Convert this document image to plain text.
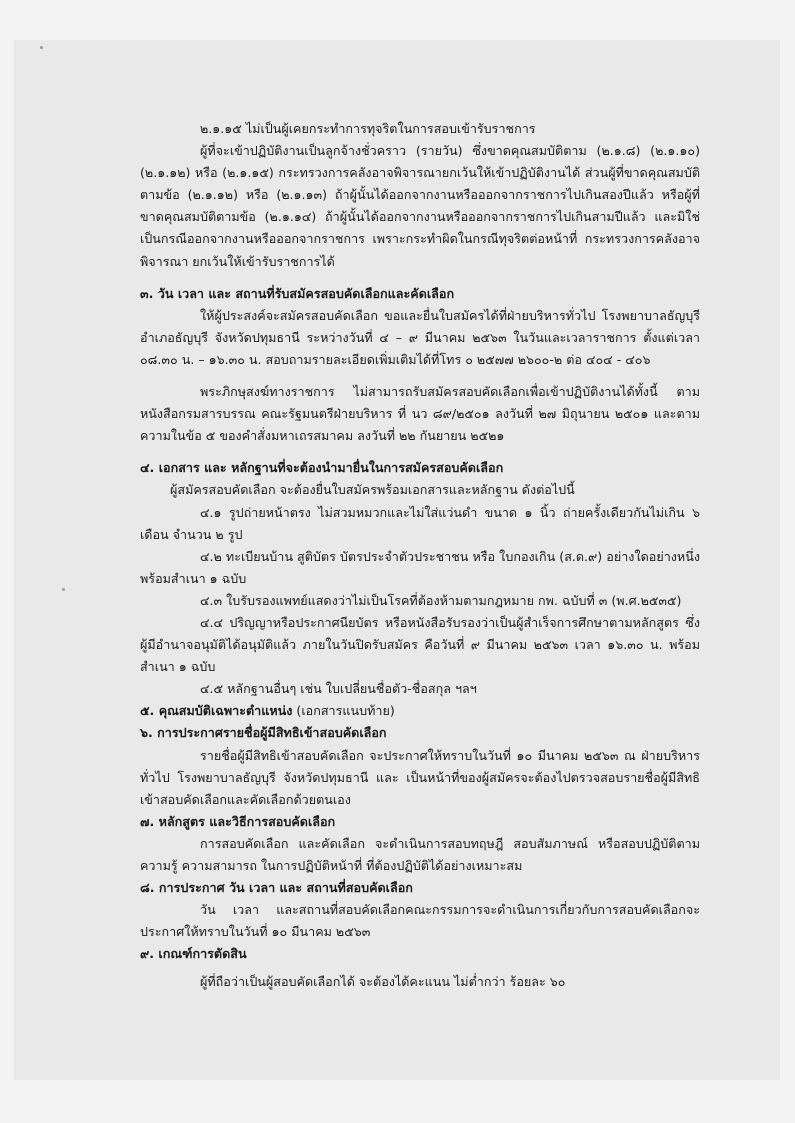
๒.๑.๑๕ ไม่เป็นผู้เคยกระทำการทุจริตในการสอบเข้ารับราชการ

ผู้ที่จะเข้าปฏิบัติงานเป็นลูกจ้างชั่วคราว (รายวัน) ซึ่งขาดคุณสมบัติตาม (๒.๑.๘) (๒.๑.๑๐) (๒.๑.๑๒) หรือ (๒.๑.๑๕) กระทรวงการคลังอาจพิจารณายกเว้นให้เข้าปฏิบัติงานได้ ส่วนผู้ที่ขาดคุณสมบัติตามข้อ (๒.๑.๑๒) หรือ (๒.๑.๑๓) ถ้าผู้นั้นได้ออกจากงานหรือออกจากราชการไปเกินสองปีแล้ว หรือผู้ที่ขาดคุณสมบัติตามข้อ (๒.๑.๑๔) ถ้าผู้นั้นได้ออกจากงานหรือออกจากราชการไปเกินสามปีแล้ว และมิใช่เป็นกรณีออกจากงานหรือออกจากราชการ เพราะกระทำผิดในกรณีทุจริตต่อหน้าที่ กระทรวงการคลังอาจพิจารณา ยกเว้นให้เข้ารับราชการได้

๓. วัน เวลา และ สถานที่รับสมัครสอบคัดเลือกและคัดเลือก

ให้ผู้ประสงค์จะสมัครสอบคัดเลือก ขอและยื่นใบสมัครได้ที่ฝ่ายบริหารทั่วไป โรงพยาบาลธัญบุรี อำเภอธัญบุรี จังหวัดปทุมธานี ระหว่างวันที่ ๔ – ๙ มีนาคม ๒๕๖๓ ในวันและเวลาราชการ ตั้งแต่เวลา ๐๘.๓๐ น. – ๑๖.๓๐ น. สอบถามรายละเอียดเพิ่มเติมได้ที่โทร ๐ ๒๕๗๗ ๒๖๐๐-๒ ต่อ ๔๐๔ - ๔๐๖

พระภิกษุสงฆ์ทางราชการ ไม่สามารถรับสมัครสอบคัดเลือกเพื่อเข้าปฏิบัติงานได้ทั้งนี้ ตามหนังสือกรมสารบรรณ คณะรัฐมนตรีฝ่ายบริหาร ที่ นว ๘๙/๒๕๐๑ ลงวันที่ ๒๗ มิถุนายน ๒๕๐๑ และตามความในข้อ ๕ ของคำสั่งมหาเถรสมาคม ลงวันที่ ๒๒ กันยายน ๒๕๒๑

๔. เอกสาร และ หลักฐานที่จะต้องนำมายื่นในการสมัครสอบคัดเลือก

ผู้สมัครสอบคัดเลือก จะต้องยื่นใบสมัครพร้อมเอกสารและหลักฐาน ดังต่อไปนี้

๔.๑ รูปถ่ายหน้าตรง ไม่สวมหมวกและไม่ใส่แว่นดำ ขนาด ๑ นิ้ว ถ่ายครั้งเดียวกันไม่เกิน ๖ เดือน จำนวน ๒ รูป

๔.๒ ทะเบียนบ้าน สูติบัตร บัตรประจำตัวประชาชน หรือ ใบกองเกิน (ส.ด.๙) อย่างใดอย่างหนึ่ง พร้อมสำเนา ๑ ฉบับ

๔.๓ ใบรับรองแพทย์แสดงว่าไม่เป็นโรคที่ต้องห้ามตามกฎหมาย กพ. ฉบับที่ ๓ (พ.ศ.๒๕๓๕)

๔.๔ ปริญญาหรือประกาศนียบัตร หรือหนังสือรับรองว่าเป็นผู้สำเร็จการศึกษาตามหลักสูตร ซึ่งผู้มีอำนาจอนุมัติได้อนุมัติแล้ว ภายในวันปิดรับสมัคร คือวันที่ ๙ มีนาคม ๒๕๖๓ เวลา ๑๖.๓๐ น. พร้อมสำเนา ๑ ฉบับ

๔.๕ หลักฐานอื่นๆ เช่น ใบเปลี่ยนชื่อตัว-ชื่อสกุล ฯลฯ

๕. คุณสมบัติเฉพาะตำแหน่ง (เอกสารแนบท้าย)

๖. การประกาศรายชื่อผู้มีสิทธิเข้าสอบคัดเลือก

รายชื่อผู้มีสิทธิเข้าสอบคัดเลือก จะประกาศให้ทราบในวันที่ ๑๐ มีนาคม ๒๕๖๓ ณ ฝ่ายบริหารทั่วไป โรงพยาบาลธัญบุรี จังหวัดปทุมธานี และ เป็นหน้าที่ของผู้สมัครจะต้องไปตรวจสอบรายชื่อผู้มีสิทธิเข้าสอบคัดเลือกและคัดเลือกด้วยตนเอง

๗. หลักสูตร และวิธีการสอบคัดเลือก

การสอบคัดเลือก และคัดเลือก จะดำเนินการสอบทฤษฎี สอบสัมภาษณ์ หรือสอบปฏิบัติตามความรู้ ความสามารถ ในการปฏิบัติหน้าที่ ที่ต้องปฏิบัติได้อย่างเหมาะสม

๘. การประกาศ วัน เวลา และ สถานที่สอบคัดเลือก

วัน เวลา และสถานที่สอบคัดเลือกคณะกรรมการจะดำเนินการเกี่ยวกับการสอบคัดเลือกจะประกาศให้ทราบในวันที่ ๑๐ มีนาคม ๒๕๖๓

๙. เกณฑ์การตัดสิน

ผู้ที่ถือว่าเป็นผู้สอบคัดเลือกได้ จะต้องได้คะแนน ไม่ต่ำกว่า ร้อยละ ๖๐
